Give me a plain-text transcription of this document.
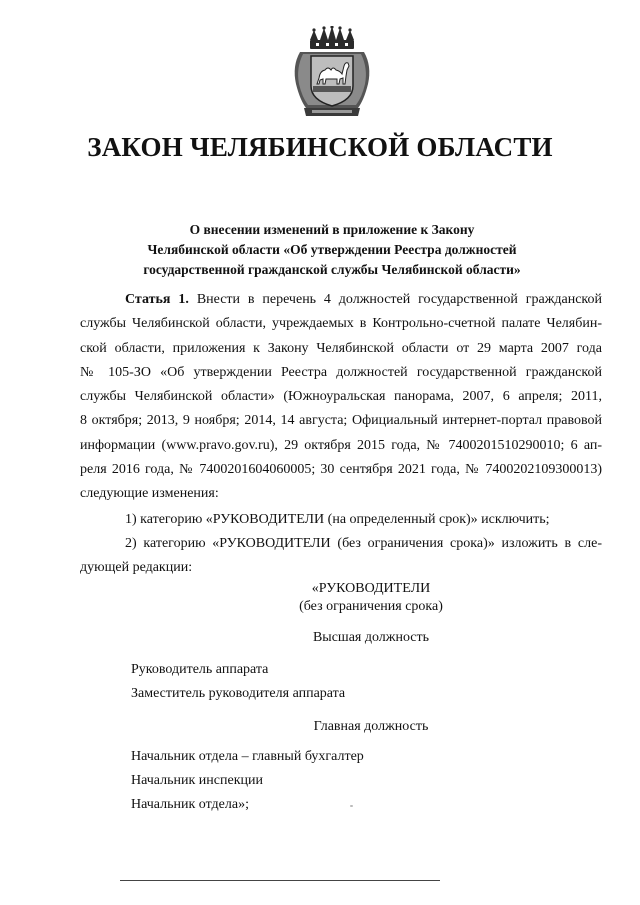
ЗАКОН ЧЕЛЯБИНСКОЙ ОБЛАСТИ
О внесении изменений в приложение к Закону
Челябинской области «Об утверждении Реестра должностей
государственной гражданской службы Челябинской области»
Статья 1. Внести в перечень 4 должностей государственной гражданской
службы Челябинской области, учреждаемых в Контрольно-счетной палате Челябин-
ской области, приложения к Закону Челябинской области от 29 марта 2007 года
№ 105-ЗО «Об утверждении Реестра должностей государственной гражданской
службы Челябинской области» (Южноуральская панорама, 2007, 6 апреля; 2011,
8 октября; 2013, 9 ноября; 2014, 14 августа; Официальный интернет-портал правовой
информации (www.pravo.gov.ru), 29 октября 2015 года, № 7400201510290010; 6 ап-
реля 2016 года, № 7400201604060005; 30 сентября 2021 года, № 7400202109300013)
следующие изменения:
1) категорию «РУКОВОДИТЕЛИ (на определенный срок)» исключить;
2) категорию «РУКОВОДИТЕЛИ (без ограничения срока)» изложить в сле-
дующей редакции:
«РУКОВОДИТЕЛИ
(без ограничения срока)
Высшая должность
Руководитель аппарата
Заместитель руководителя аппарата
Главная должность
Начальник отдела – главный бухгалтер
Начальник инспекции
Начальник отдела»;
